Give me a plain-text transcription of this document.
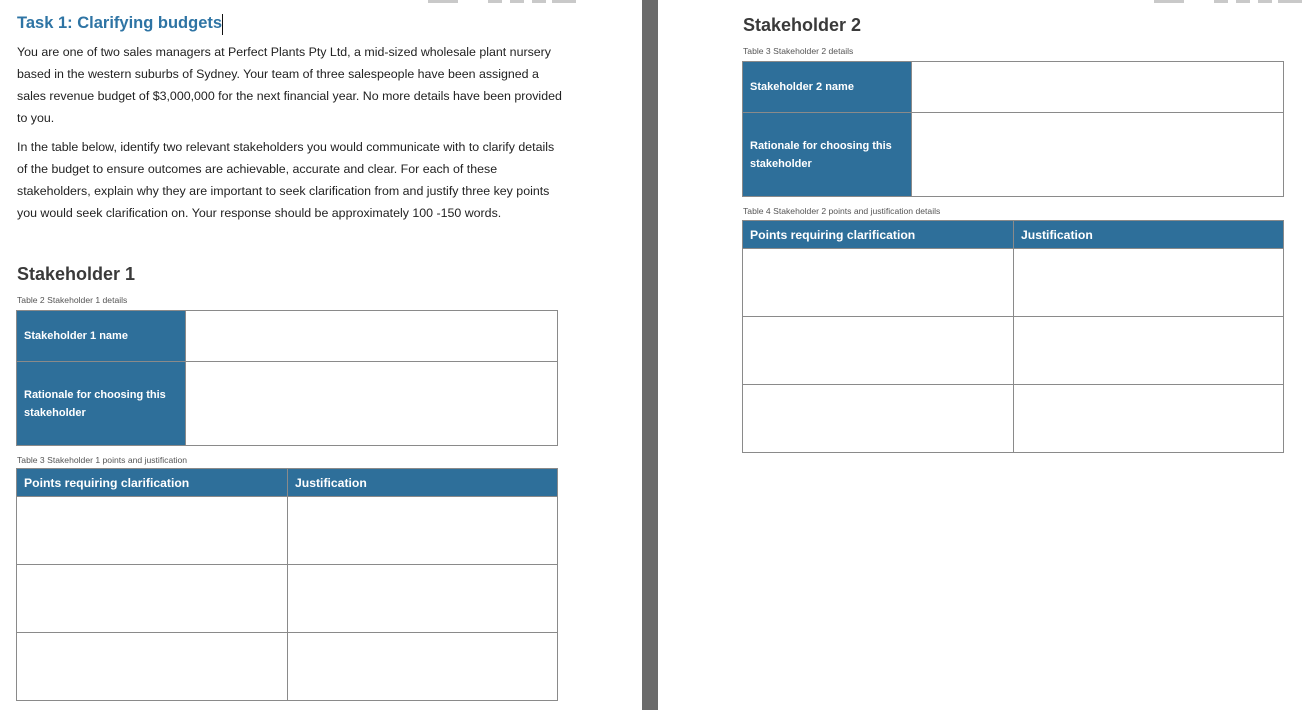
Task 1: Clarifying budgets

You are one of two sales managers at Perfect Plants Pty Ltd, a mid-sized wholesale plant nursery based in the western suburbs of Sydney. Your team of three salespeople have been assigned a sales revenue budget of $3,000,000 for the next financial year. No more details have been provided to you.

In the table below, identify two relevant stakeholders you would communicate with to clarify details of the budget to ensure outcomes are achievable, accurate and clear. For each of these stakeholders, explain why they are important to seek clarification from and justify three key points you would seek clarification on. Your response should be approximately 100 -150 words.

Stakeholder 1

Table 2 Stakeholder 1 details

Stakeholder 1 name	
Rationale for choosing this stakeholder	

Table 3 Stakeholder 1 points and justification

Points requiring clarification	Justification

Stakeholder 2

Table 3 Stakeholder 2 details

Stakeholder 2 name	
Rationale for choosing this stakeholder	

Table 4 Stakeholder 2 points and justification details

Points requiring clarification	Justification
